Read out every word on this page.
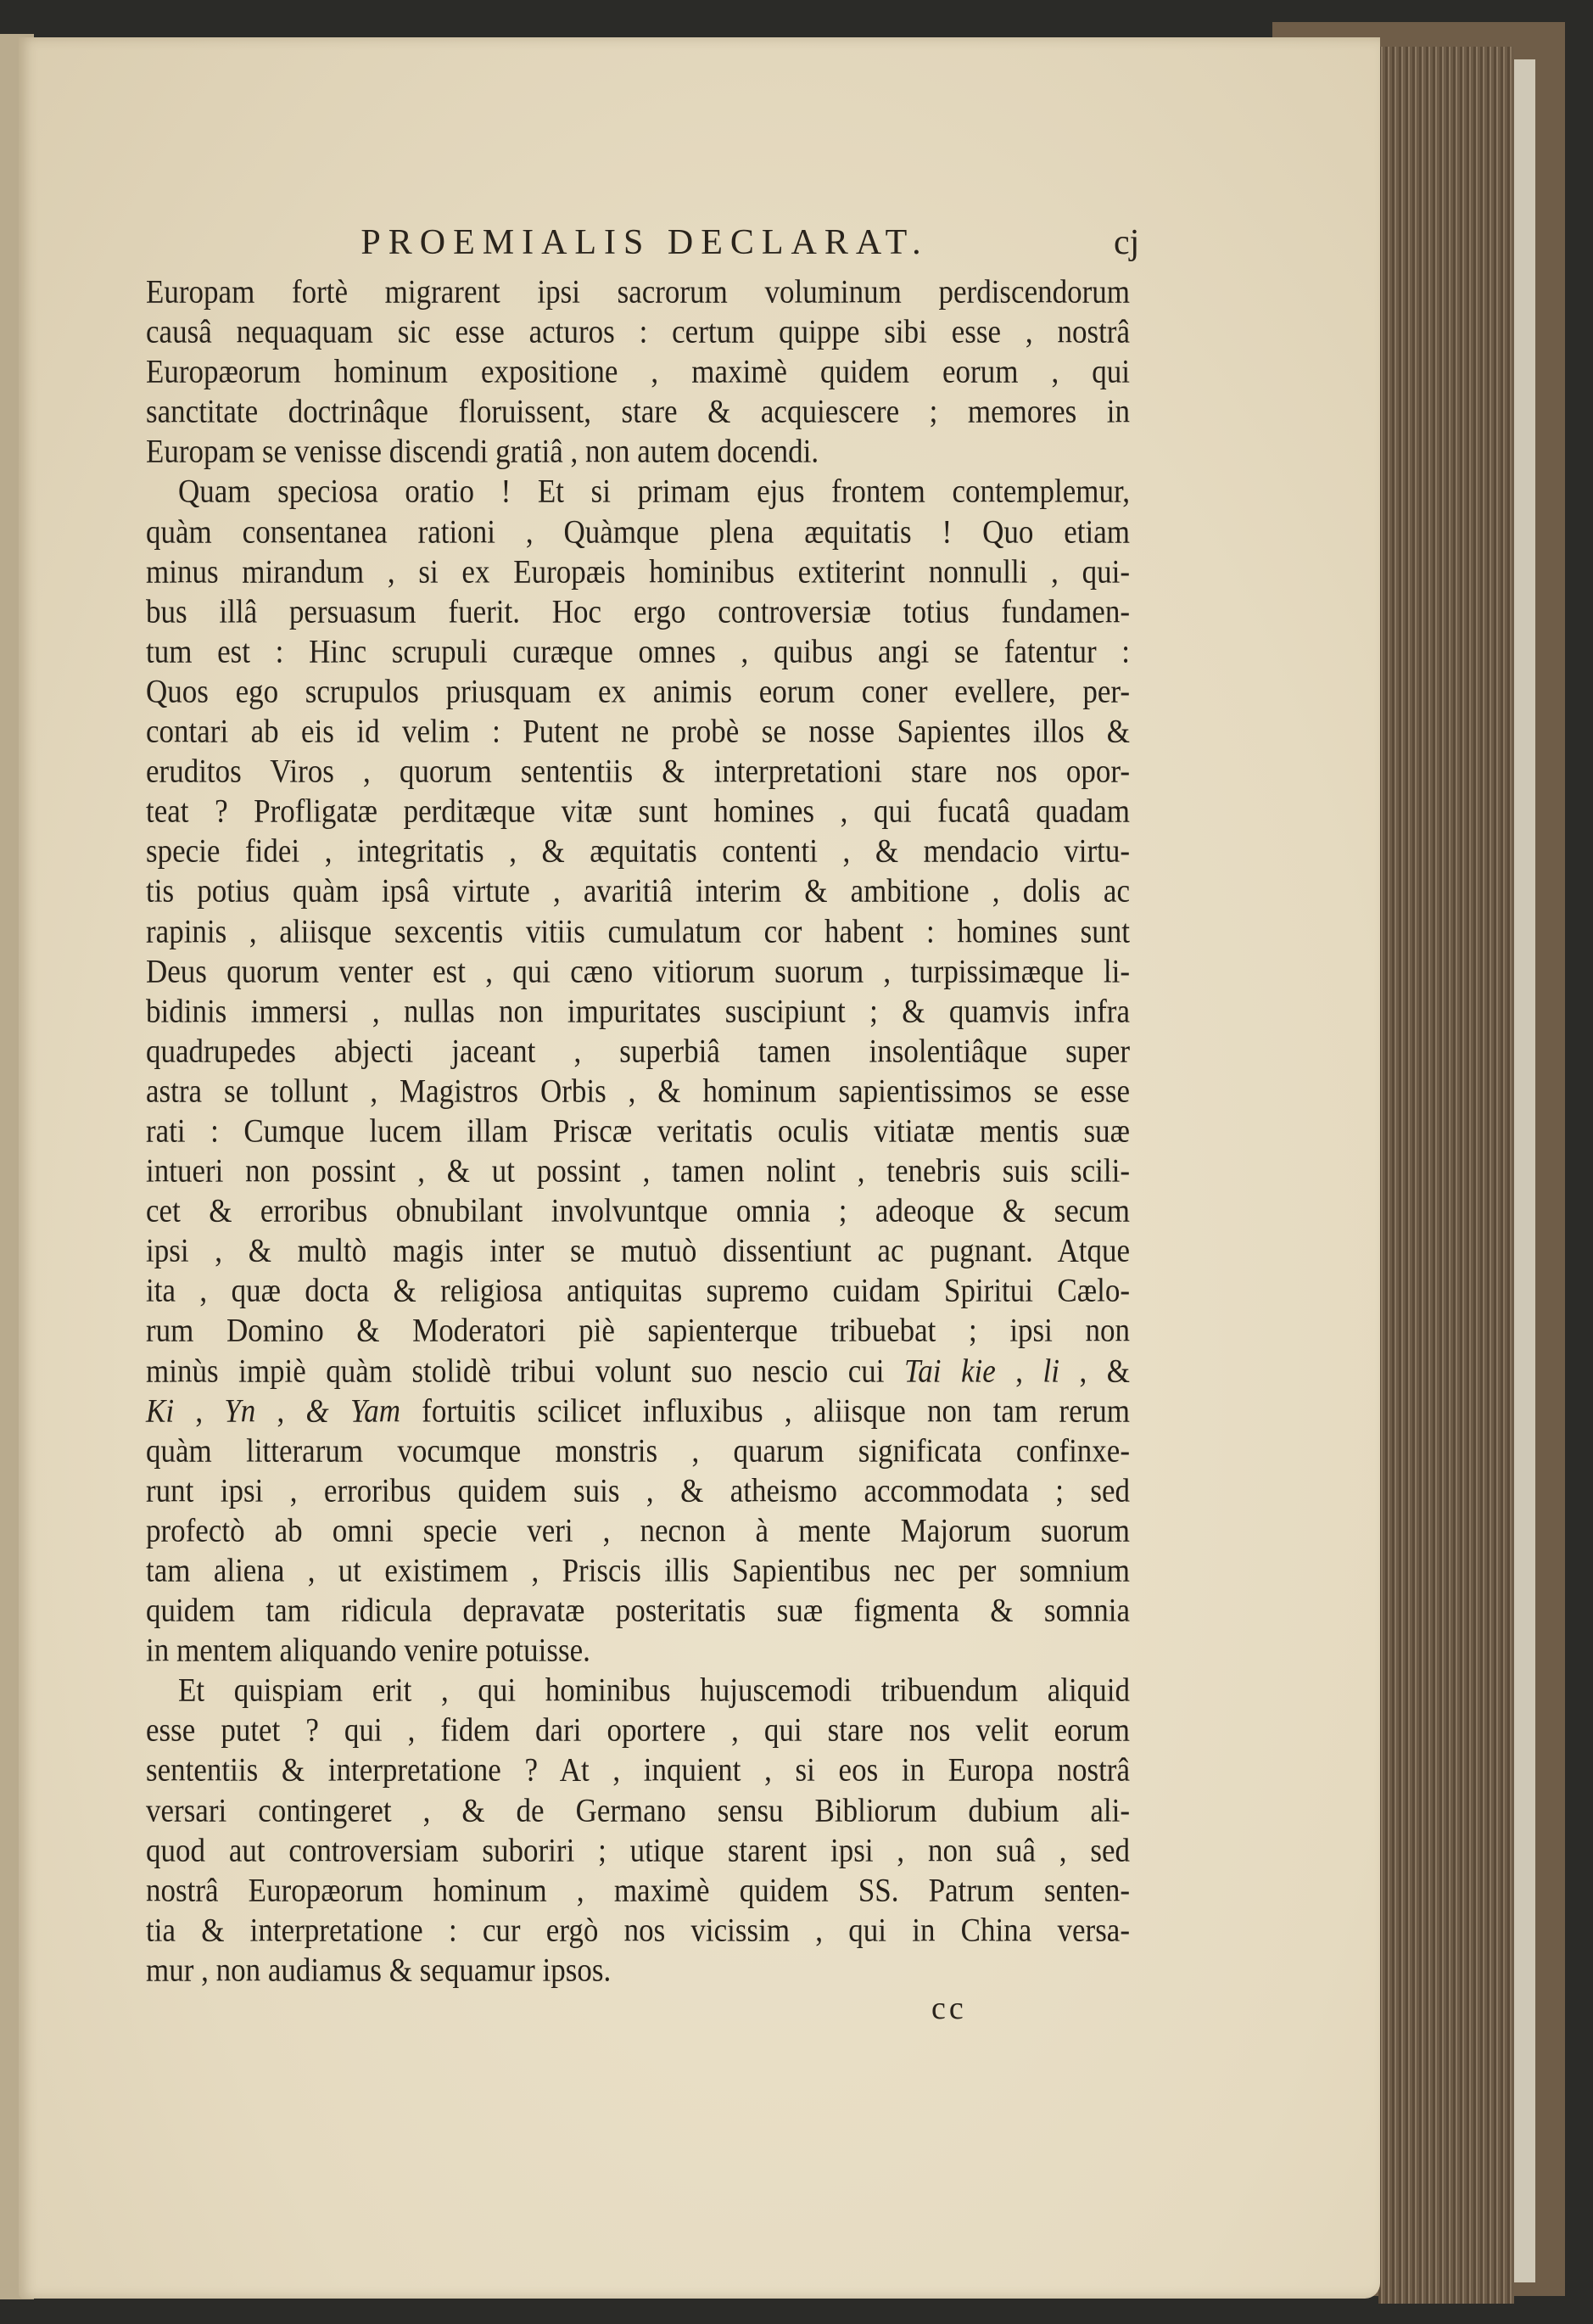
PROEMIALIS DECLARAT.	cj
Europam fortè migrarent ipsi sacrorum voluminum perdiscendorum
causâ nequaquam sic esse acturos : certum quippe sibi esse , nostrâ
Europæorum hominum expositione , maximè quidem eorum , qui
sanctitate doctrinâque floruissent, stare & acquiescere ; memores in
Europam se venisse discendi gratiâ , non autem docendi.
Quam speciosa oratio ! Et si primam ejus frontem contemplemur,
quàm consentanea rationi , Quàmque plena æquitatis ! Quo etiam
minus mirandum , si ex Europæis hominibus extiterint nonnulli , qui-
bus illâ persuasum fuerit. Hoc ergo controversiæ totius fundamen-
tum est : Hinc scrupuli curæque omnes , quibus angi se fatentur :
Quos ego scrupulos priusquam ex animis eorum coner evellere, per-
contari ab eis id velim : Putent ne probè se nosse Sapientes illos &
eruditos Viros , quorum sententiis & interpretationi stare nos opor-
teat ? Profligatæ perditæque vitæ sunt homines , qui fucatâ quadam
specie fidei , integritatis , & æquitatis contenti , & mendacio virtu-
tis potius quàm ipsâ virtute , avaritiâ interim & ambitione , dolis ac
rapinis , aliisque sexcentis vitiis cumulatum cor habent : homines sunt
Deus quorum venter est , qui cæno vitiorum suorum , turpissimæque li-
bidinis immersi , nullas non impuritates suscipiunt ; & quamvis infra
quadrupedes abjecti jaceant , superbiâ tamen insolentiâque super
astra se tollunt , Magistros Orbis , & hominum sapientissimos se esse
rati : Cumque lucem illam Priscæ veritatis oculis vitiatæ mentis suæ
intueri non possint , & ut possint , tamen nolint , tenebris suis scili-
cet & erroribus obnubilant involvuntque omnia ; adeoque & secum
ipsi , & multò magis inter se mutuò dissentiunt ac pugnant. Atque
ita , quæ docta & religiosa antiquitas supremo cuidam Spiritui Cælo-
rum Domino & Moderatori piè sapienterque tribuebat ; ipsi non
minùs impiè quàm stolidè tribui volunt suo nescio cui Tai kie , li , &
Ki , Yn , & Yam fortuitis scilicet influxibus , aliisque non tam rerum
quàm litterarum vocumque monstris , quarum significata confinxe-
runt ipsi , erroribus quidem suis , & atheismo accommodata ; sed
profectò ab omni specie veri , necnon à mente Majorum suorum
tam aliena , ut existimem , Priscis illis Sapientibus nec per somnium
quidem tam ridicula depravatæ posteritatis suæ figmenta & somnia
in mentem aliquando venire potuisse.
Et quispiam erit , qui hominibus hujuscemodi tribuendum aliquid
esse putet ? qui , fidem dari oportere , qui stare nos velit eorum
sententiis & interpretatione ? At , inquient , si eos in Europa nostrâ
versari contingeret , & de Germano sensu Bibliorum dubium ali-
quod aut controversiam suboriri ; utique starent ipsi , non suâ , sed
nostrâ Europæorum hominum , maximè quidem SS. Patrum senten-
tia & interpretatione : cur ergò nos vicissim , qui in China versa-
mur , non audiamus & sequamur ipsos.
cc
